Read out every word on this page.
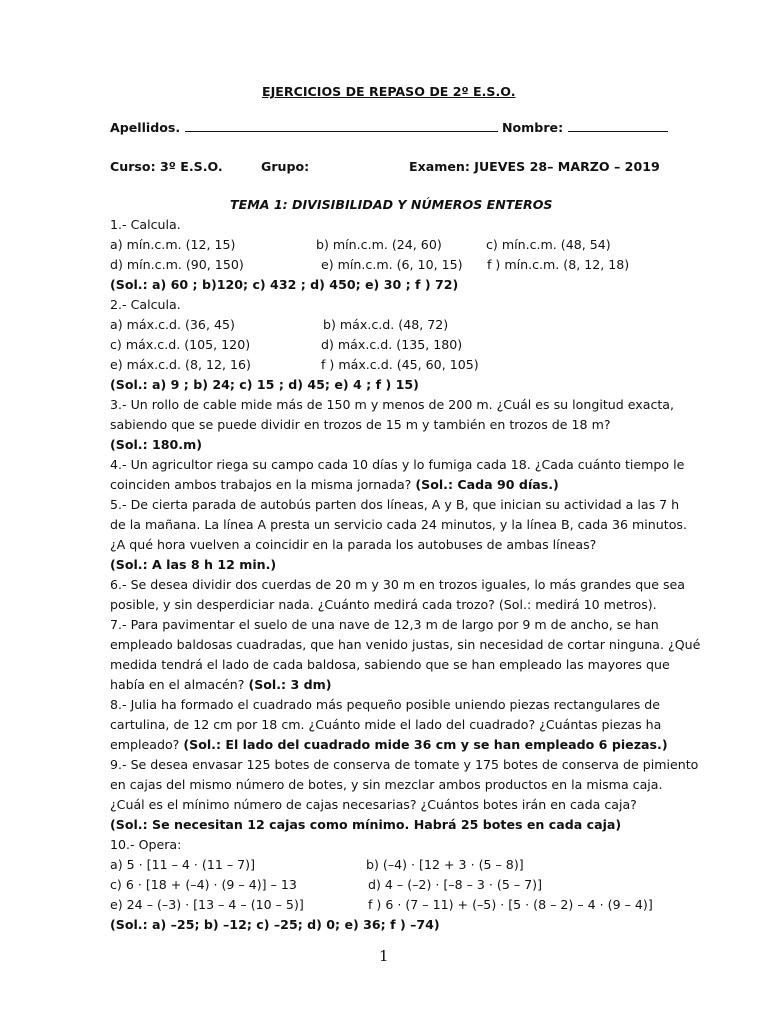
EJERCICIOS DE REPASO DE 2º E.S.O.
Apellidos.	Nombre:
Curso: 3º E.S.O.	Grupo:	Examen: JUEVES 28– MARZO – 2019
TEMA 1: DIVISIBILIDAD Y NÚMEROS ENTEROS
1.- Calcula.
a) mín.c.m. (12, 15)	b) mín.c.m. (24, 60)	c) mín.c.m. (48, 54)
d) mín.c.m. (90, 150)	e) mín.c.m. (6, 10, 15) f ) mín.c.m. (8, 12, 18)
(Sol.: a) 60 ; b)120; c) 432 ; d) 450; e) 30 ; f ) 72)
2.- Calcula.
a) máx.c.d. (36, 45)	b) máx.c.d. (48, 72)
c) máx.c.d. (105, 120)	d) máx.c.d. (135, 180)
e) máx.c.d. (8, 12, 16)	f ) máx.c.d. (45, 60, 105)
(Sol.: a) 9 ; b) 24; c) 15 ; d) 45; e) 4 ; f ) 15)
3.- Un rollo de cable mide más de 150 m y menos de 200 m. ¿Cuál es su longitud exacta,
sabiendo que se puede dividir en trozos de 15 m y también en trozos de 18 m?
(Sol.: 180.m)
4.- Un agricultor riega su campo cada 10 días y lo fumiga cada 18. ¿Cada cuánto tiempo le
coinciden ambos trabajos en la misma jornada? (Sol.: Cada 90 días.)
5.- De cierta parada de autobús parten dos líneas, A y B, que inician su actividad a las 7 h
de la mañana. La línea A presta un servicio cada 24 minutos, y la línea B, cada 36 minutos.
¿A qué hora vuelven a coincidir en la parada los autobuses de ambas líneas?
(Sol.: A las 8 h 12 min.)
6.- Se desea dividir dos cuerdas de 20 m y 30 m en trozos iguales, lo más grandes que sea
posible, y sin desperdiciar nada. ¿Cuánto medirá cada trozo? (Sol.: medirá 10 metros).
7.- Para pavimentar el suelo de una nave de 12,3 m de largo por 9 m de ancho, se han
empleado baldosas cuadradas, que han venido justas, sin necesidad de cortar ninguna. ¿Qué
medida tendrá el lado de cada baldosa, sabiendo que se han empleado las mayores que
había en el almacén? (Sol.: 3 dm)
8.- Julia ha formado el cuadrado más pequeño posible uniendo piezas rectangulares de
cartulina, de 12 cm por 18 cm. ¿Cuánto mide el lado del cuadrado? ¿Cuántas piezas ha
empleado? (Sol.: El lado del cuadrado mide 36 cm y se han empleado 6 piezas.)
9.- Se desea envasar 125 botes de conserva de tomate y 175 botes de conserva de pimiento
en cajas del mismo número de botes, y sin mezclar ambos productos en la misma caja.
¿Cuál es el mínimo número de cajas necesarias? ¿Cuántos botes irán en cada caja?
(Sol.: Se necesitan 12 cajas como mínimo. Habrá 25 botes en cada caja)
10.- Opera:
a) 5 · [11 – 4 · (11 – 7)]	b) (–4) · [12 + 3 · (5 – 8)]
c) 6 · [18 + (–4) · (9 – 4)] – 13	d) 4 – (–2) · [–8 – 3 · (5 – 7)]
e) 24 – (–3) · [13 – 4 – (10 – 5)]	f ) 6 · (7 – 11) + (–5) · [5 · (8 – 2) – 4 · (9 – 4)]
(Sol.: a) –25; b) –12; c) –25; d) 0; e) 36; f ) –74)
1
